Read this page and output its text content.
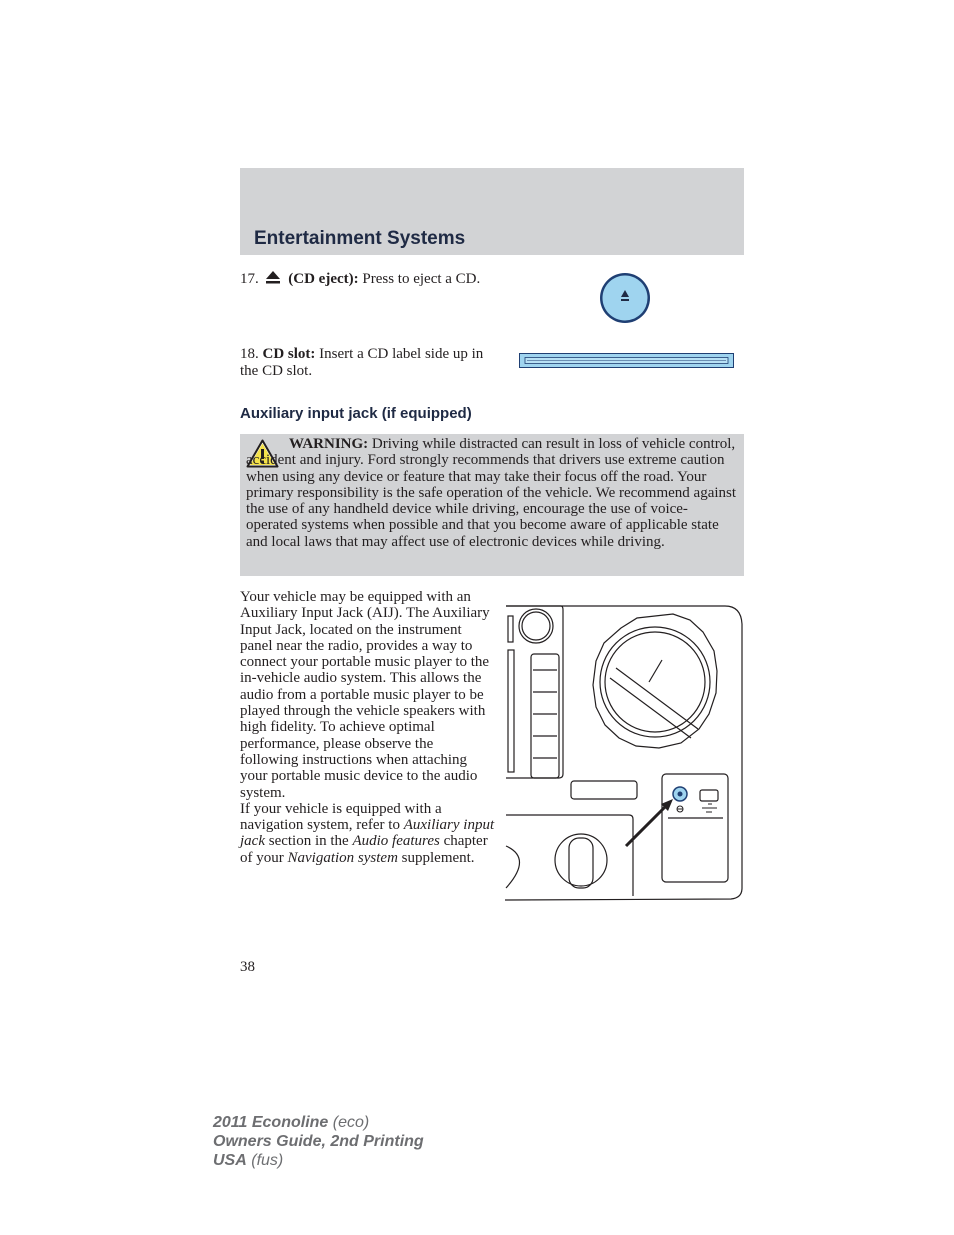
Entertainment Systems
17. (CD eject): Press to eject a CD.
18. CD slot: Insert a CD label side up in the CD slot.
Auxiliary input jack (if equipped)
WARNING: Driving while distracted can result in loss of vehicle control, accident and injury. Ford strongly recommends that drivers use extreme caution when using any device or feature that may take their focus off the road. Your primary responsibility is the safe operation of the vehicle. We recommend against the use of any handheld device while driving, encourage the use of voice-operated systems when possible and that you become aware of applicable state and local laws that may affect use of electronic devices while driving.
Your vehicle may be equipped with an Auxiliary Input Jack (AIJ). The Auxiliary Input Jack, located on the instrument panel near the radio, provides a way to connect your portable music player to the in-vehicle audio system. This allows the audio from a portable music player to be played through the vehicle speakers with high fidelity. To achieve optimal performance, please observe the following instructions when attaching your portable music device to the audio system.
If your vehicle is equipped with a navigation system, refer to Auxiliary input jack section in the Audio features chapter of your Navigation system supplement.
38
2011 Econoline (eco)
Owners Guide, 2nd Printing
USA (fus)
